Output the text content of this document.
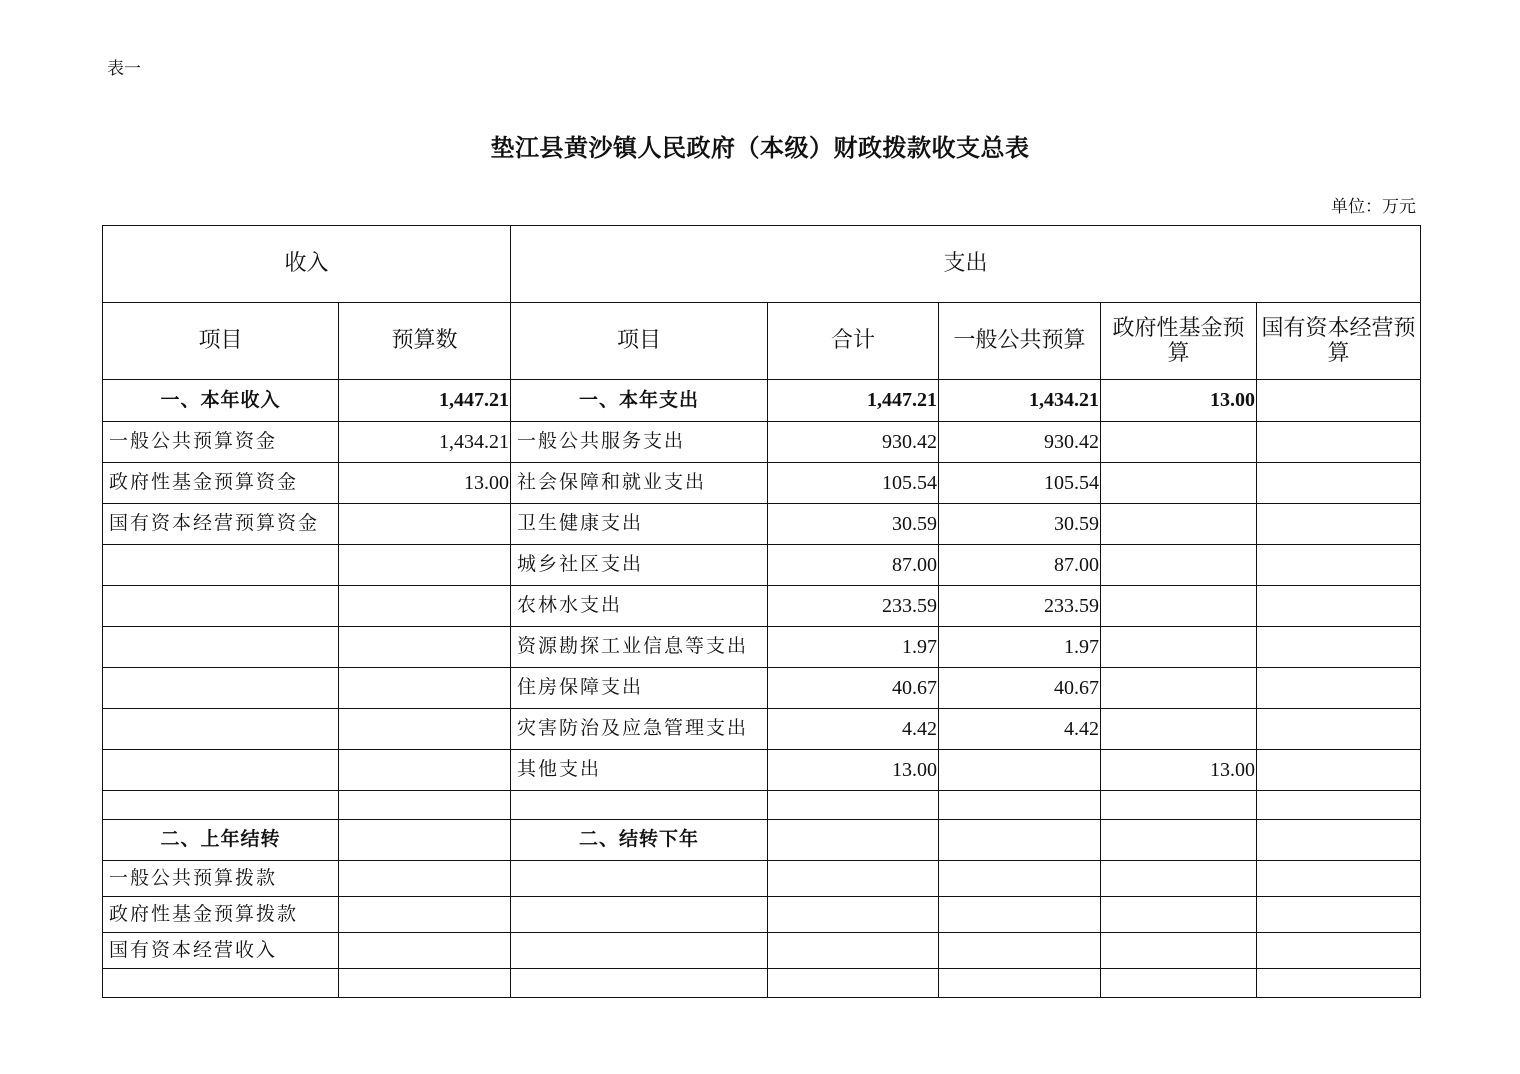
表一
垫江县黄沙镇人民政府（本级）财政拨款收支总表
单位：万元
收入		支出				
项目	预算数	项目	合计	一般公共预算	政府性基金预算	国有资本经营预算
一、本年收入	1,447.21	一、本年支出	1,447.21	1,434.21	13.00	
一般公共预算资金	1,434.21	一般公共服务支出	930.42	930.42		
政府性基金预算资金	13.00	社会保障和就业支出	105.54	105.54		
国有资本经营预算资金		卫生健康支出	30.59	30.59		
		城乡社区支出	87.00	87.00		
		农林水支出	233.59	233.59		
		资源勘探工业信息等支出	1.97	1.97		
		住房保障支出	40.67	40.67		
		灾害防治及应急管理支出	4.42	4.42		
		其他支出	13.00		13.00	

二、上年结转		二、结转下年				
一般公共预算拨款						
政府性基金预算拨款						
国有资本经营收入						
